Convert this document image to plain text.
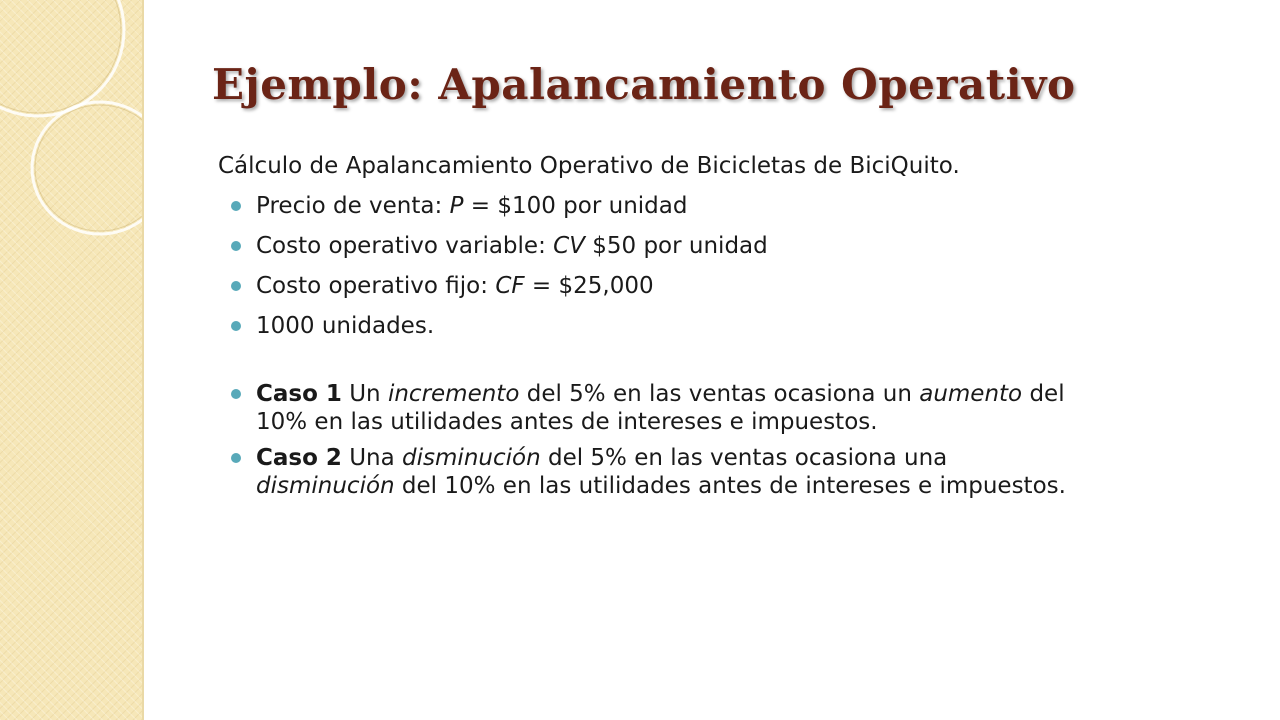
Ejemplo: Apalancamiento Operativo

Cálculo de Apalancamiento Operativo de Bicicletas de BiciQuito.

Precio de venta: P = $100 por unidad
Costo operativo variable: CV $50 por unidad
Costo operativo fijo: CF = $25,000
1000 unidades.
Caso 1 Un incremento del 5% en las ventas ocasiona un aumento del 10% en las utilidades antes de intereses e impuestos.
Caso 2 Una disminución del 5% en las ventas ocasiona una disminución del 10% en las utilidades antes de intereses e impuestos.
